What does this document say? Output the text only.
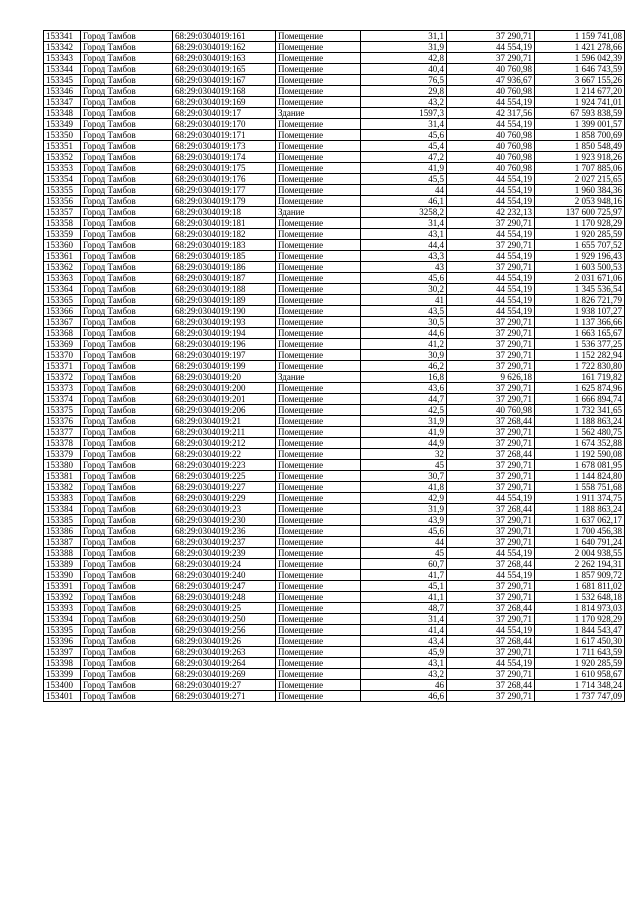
153341	Город Тамбов	68:29:0304019:161	Помещение	31,1	37 290,71	1 159 741,08
153342	Город Тамбов	68:29:0304019:162	Помещение	31,9	44 554,19	1 421 278,66
153343	Город Тамбов	68:29:0304019:163	Помещение	42,8	37 290,71	1 596 042,39
153344	Город Тамбов	68:29:0304019:165	Помещение	40,4	40 760,98	1 646 743,59
153345	Город Тамбов	68:29:0304019:167	Помещение	76,5	47 936,67	3 667 155,26
153346	Город Тамбов	68:29:0304019:168	Помещение	29,8	40 760,98	1 214 677,20
153347	Город Тамбов	68:29:0304019:169	Помещение	43,2	44 554,19	1 924 741,01
153348	Город Тамбов	68:29:0304019:17	Здание	1597,3	42 317,56	67 593 838,59
153349	Город Тамбов	68:29:0304019:170	Помещение	31,4	44 554,19	1 399 001,57
153350	Город Тамбов	68:29:0304019:171	Помещение	45,6	40 760,98	1 858 700,69
153351	Город Тамбов	68:29:0304019:173	Помещение	45,4	40 760,98	1 850 548,49
153352	Город Тамбов	68:29:0304019:174	Помещение	47,2	40 760,98	1 923 918,26
153353	Город Тамбов	68:29:0304019:175	Помещение	41,9	40 760,98	1 707 885,06
153354	Город Тамбов	68:29:0304019:176	Помещение	45,5	44 554,19	2 027 215,65
153355	Город Тамбов	68:29:0304019:177	Помещение	44	44 554,19	1 960 384,36
153356	Город Тамбов	68:29:0304019:179	Помещение	46,1	44 554,19	2 053 948,16
153357	Город Тамбов	68:29:0304019:18	Здание	3258,2	42 232,13	137 600 725,97
153358	Город Тамбов	68:29:0304019:181	Помещение	31,4	37 290,71	1 170 928,29
153359	Город Тамбов	68:29:0304019:182	Помещение	43,1	44 554,19	1 920 285,59
153360	Город Тамбов	68:29:0304019:183	Помещение	44,4	37 290,71	1 655 707,52
153361	Город Тамбов	68:29:0304019:185	Помещение	43,3	44 554,19	1 929 196,43
153362	Город Тамбов	68:29:0304019:186	Помещение	43	37 290,71	1 603 500,53
153363	Город Тамбов	68:29:0304019:187	Помещение	45,6	44 554,19	2 031 671,06
153364	Город Тамбов	68:29:0304019:188	Помещение	30,2	44 554,19	1 345 536,54
153365	Город Тамбов	68:29:0304019:189	Помещение	41	44 554,19	1 826 721,79
153366	Город Тамбов	68:29:0304019:190	Помещение	43,5	44 554,19	1 938 107,27
153367	Город Тамбов	68:29:0304019:193	Помещение	30,5	37 290,71	1 137 366,66
153368	Город Тамбов	68:29:0304019:194	Помещение	44,6	37 290,71	1 663 165,67
153369	Город Тамбов	68:29:0304019:196	Помещение	41,2	37 290,71	1 536 377,25
153370	Город Тамбов	68:29:0304019:197	Помещение	30,9	37 290,71	1 152 282,94
153371	Город Тамбов	68:29:0304019:199	Помещение	46,2	37 290,71	1 722 830,80
153372	Город Тамбов	68:29:0304019:20	Здание	16,8	9 626,18	161 719,82
153373	Город Тамбов	68:29:0304019:200	Помещение	43,6	37 290,71	1 625 874,96
153374	Город Тамбов	68:29:0304019:201	Помещение	44,7	37 290,71	1 666 894,74
153375	Город Тамбов	68:29:0304019:206	Помещение	42,5	40 760,98	1 732 341,65
153376	Город Тамбов	68:29:0304019:21	Помещение	31,9	37 268,44	1 188 863,24
153377	Город Тамбов	68:29:0304019:211	Помещение	41,9	37 290,71	1 562 480,75
153378	Город Тамбов	68:29:0304019:212	Помещение	44,9	37 290,71	1 674 352,88
153379	Город Тамбов	68:29:0304019:22	Помещение	32	37 268,44	1 192 590,08
153380	Город Тамбов	68:29:0304019:223	Помещение	45	37 290,71	1 678 081,95
153381	Город Тамбов	68:29:0304019:225	Помещение	30,7	37 290,71	1 144 824,80
153382	Город Тамбов	68:29:0304019:227	Помещение	41,8	37 290,71	1 558 751,68
153383	Город Тамбов	68:29:0304019:229	Помещение	42,9	44 554,19	1 911 374,75
153384	Город Тамбов	68:29:0304019:23	Помещение	31,9	37 268,44	1 188 863,24
153385	Город Тамбов	68:29:0304019:230	Помещение	43,9	37 290,71	1 637 062,17
153386	Город Тамбов	68:29:0304019:236	Помещение	45,6	37 290,71	1 700 456,38
153387	Город Тамбов	68:29:0304019:237	Помещение	44	37 290,71	1 640 791,24
153388	Город Тамбов	68:29:0304019:239	Помещение	45	44 554,19	2 004 938,55
153389	Город Тамбов	68:29:0304019:24	Помещение	60,7	37 268,44	2 262 194,31
153390	Город Тамбов	68:29:0304019:240	Помещение	41,7	44 554,19	1 857 909,72
153391	Город Тамбов	68:29:0304019:247	Помещение	45,1	37 290,71	1 681 811,02
153392	Город Тамбов	68:29:0304019:248	Помещение	41,1	37 290,71	1 532 648,18
153393	Город Тамбов	68:29:0304019:25	Помещение	48,7	37 268,44	1 814 973,03
153394	Город Тамбов	68:29:0304019:250	Помещение	31,4	37 290,71	1 170 928,29
153395	Город Тамбов	68:29:0304019:256	Помещение	41,4	44 554,19	1 844 543,47
153396	Город Тамбов	68:29:0304019:26	Помещение	43,4	37 268,44	1 617 450,30
153397	Город Тамбов	68:29:0304019:263	Помещение	45,9	37 290,71	1 711 643,59
153398	Город Тамбов	68:29:0304019:264	Помещение	43,1	44 554,19	1 920 285,59
153399	Город Тамбов	68:29:0304019:269	Помещение	43,2	37 290,71	1 610 958,67
153400	Город Тамбов	68:29:0304019:27	Помещение	46	37 268,44	1 714 348,24
153401	Город Тамбов	68:29:0304019:271	Помещение	46,6	37 290,71	1 737 747,09
